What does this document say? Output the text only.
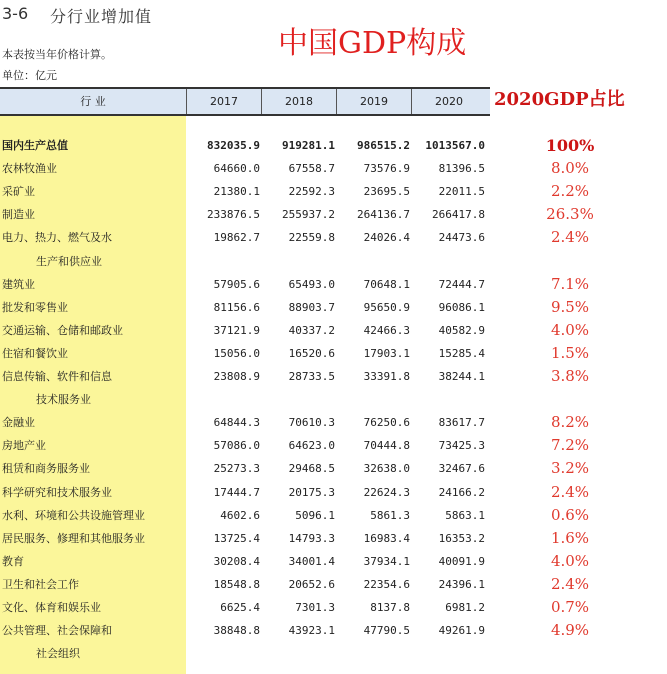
3-6 分行业增加值
本表按当年价格计算。
单位：亿元
中国GDP构成
2020GDP占比
行 业	2017	2018	2019	2020
国内生产总值	832035.9	919281.1	986515.2	1013567.0	100%
农林牧渔业	64660.0	67558.7	73576.9	81396.5	8.0%
采矿业	21380.1	22592.3	23695.5	22011.5	2.2%
制造业	233876.5	255937.2	264136.7	266417.8	26.3%
电力、热力、燃气及水	19862.7	22559.8	24026.4	24473.6	2.4%
生产和供应业
建筑业	57905.6	65493.0	70648.1	72444.7	7.1%
批发和零售业	81156.6	88903.7	95650.9	96086.1	9.5%
交通运输、仓储和邮政业	37121.9	40337.2	42466.3	40582.9	4.0%
住宿和餐饮业	15056.0	16520.6	17903.1	15285.4	1.5%
信息传输、软件和信息	23808.9	28733.5	33391.8	38244.1	3.8%
技术服务业
金融业	64844.3	70610.3	76250.6	83617.7	8.2%
房地产业	57086.0	64623.0	70444.8	73425.3	7.2%
租赁和商务服务业	25273.3	29468.5	32638.0	32467.6	3.2%
科学研究和技术服务业	17444.7	20175.3	22624.3	24166.2	2.4%
水利、环境和公共设施管理业	4602.6	5096.1	5861.3	5863.1	0.6%
居民服务、修理和其他服务业	13725.4	14793.3	16983.4	16353.2	1.6%
教育	30208.4	34001.4	37934.1	40091.9	4.0%
卫生和社会工作	18548.8	20652.6	22354.6	24396.1	2.4%
文化、体育和娱乐业	6625.4	7301.3	8137.8	6981.2	0.7%
公共管理、社会保障和	38848.8	43923.1	47790.5	49261.9	4.9%
社会组织
